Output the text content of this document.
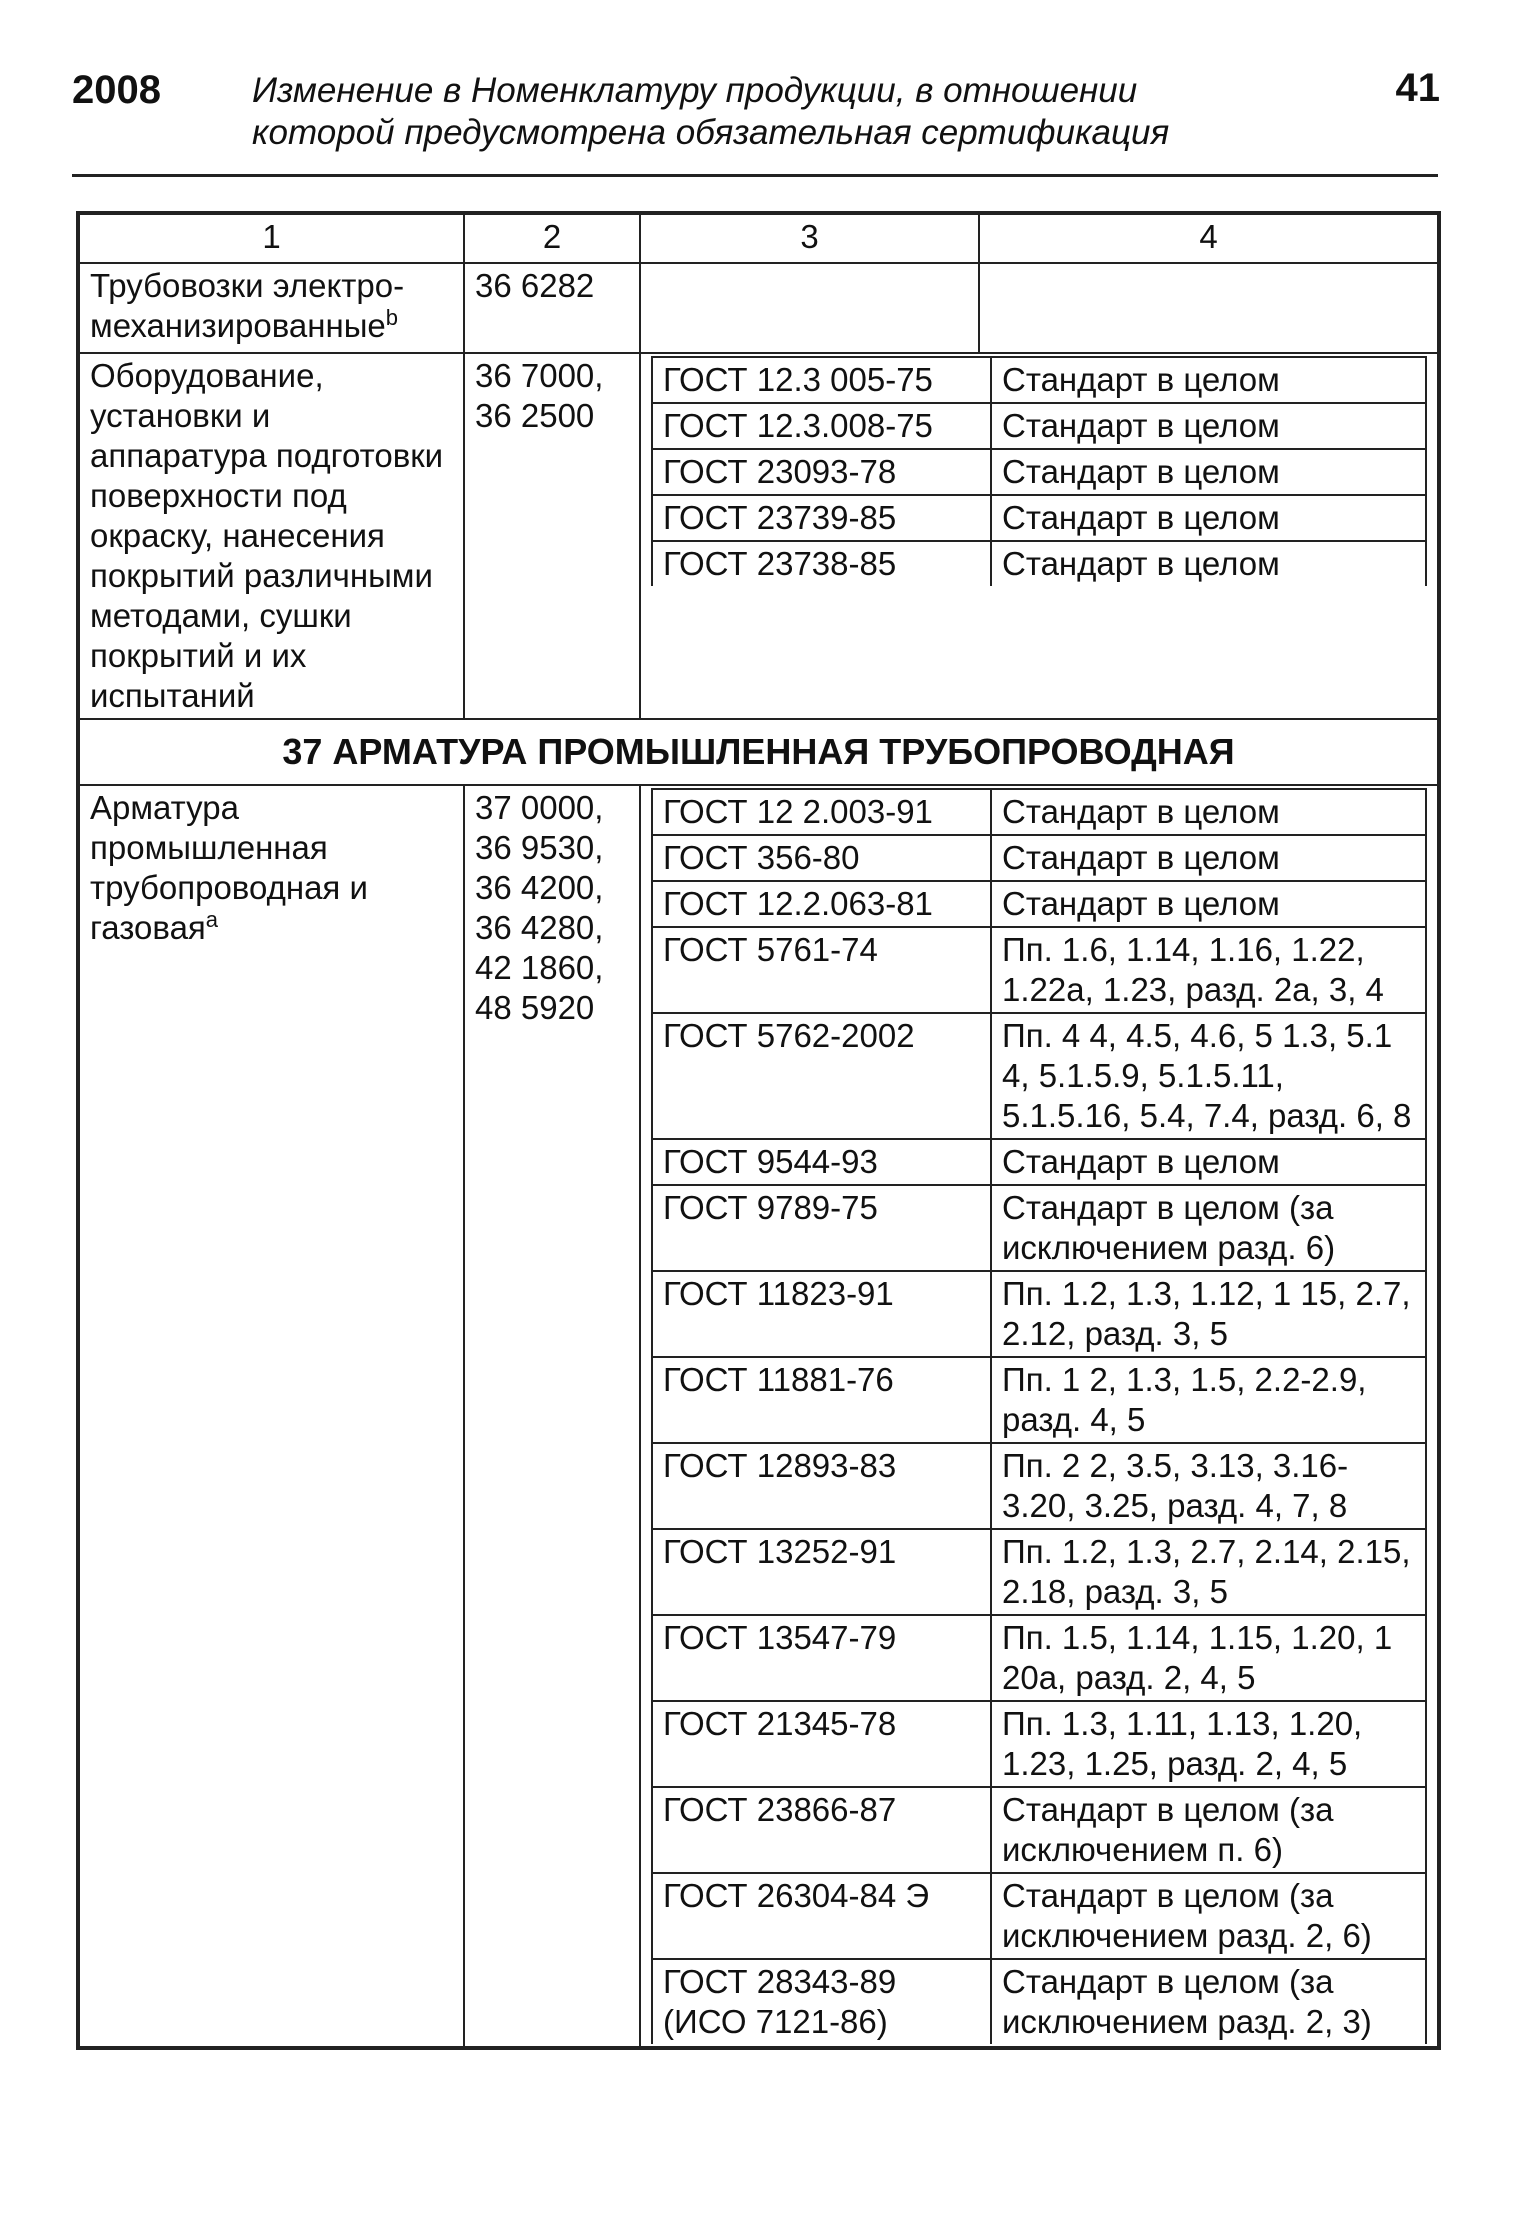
2008	Изменение в Номенклатуру продукции, в отношении
которой предусмотрена обязательная сертификация
41
1	2	3	4
Трубовозки электро-механизированные$^b$	36 6282		
Оборудование, установки и аппаратура подготовки поверхности под окраску, нанесения покрытий различными методами, сушки покрытий и их испытаний	36 7000, 36 2500	
ГОСТ 12.3 005-75	Стандарт в целом
ГОСТ 12.3.008-75	Стандарт в целом
ГОСТ 23093-78	Стандарт в целом
ГОСТ 23739-85	Стандарт в целом
ГОСТ 23738-85	Стандарт в целом

37 АРМАТУРА ПРОМЫШЛЕННАЯ ТРУБОПРОВОДНАЯ
Арматура промышленная трубопроводная и газовая$^a$	37 0000, 36 9530, 36 4200, 36 4280, 42 1860, 48 5920	
ГОСТ 12 2.003-91	Стандарт в целом
ГОСТ 356-80	Стандарт в целом
ГОСТ 12.2.063-81	Стандарт в целом
ГОСТ 5761-74	Пп. 1.6, 1.14, 1.16, 1.22, 1.22а, 1.23, разд. 2а, 3, 4
ГОСТ 5762-2002	Пп. 4 4, 4.5, 4.6, 5 1.3, 5.1 4, 5.1.5.9, 5.1.5.11, 5.1.5.16, 5.4, 7.4, разд. 6, 8
ГОСТ 9544-93	Стандарт в целом
ГОСТ 9789-75	Стандарт в целом (за исключением разд. 6)
ГОСТ 11823-91	Пп. 1.2, 1.3, 1.12, 1 15, 2.7, 2.12, разд. 3, 5
ГОСТ 11881-76	Пп. 1 2, 1.3, 1.5, 2.2-2.9, разд. 4, 5
ГОСТ 12893-83	Пп. 2 2, 3.5, 3.13, 3.16-3.20, 3.25, разд. 4, 7, 8
ГОСТ 13252-91	Пп. 1.2, 1.3, 2.7, 2.14, 2.15, 2.18, разд. 3, 5
ГОСТ 13547-79	Пп. 1.5, 1.14, 1.15, 1.20, 1 20а, разд. 2, 4, 5
ГОСТ 21345-78	Пп. 1.3, 1.11, 1.13, 1.20, 1.23, 1.25, разд. 2, 4, 5
ГОСТ 23866-87	Стандарт в целом (за исключением п. 6)
ГОСТ 26304-84 Э	Стандарт в целом (за исключением разд. 2, 6)
ГОСТ 28343-89 (ИСО 7121-86)	Стандарт в целом (за исключением разд. 2, 3)
